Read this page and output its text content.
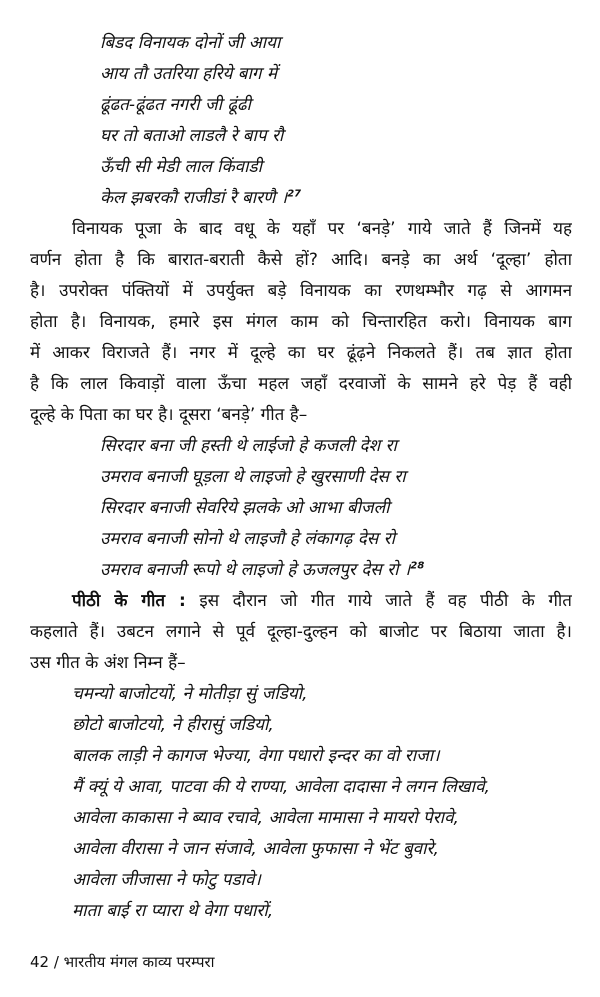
बिडद विनायक दोनों जी आया
आय तौ उतरिया हरिये बाग में
ढूंढत-ढूंढत नगरी जी ढूंढी
घर तो बताओ लाडलै रे बाप रौ
ऊँची सी मेडी लाल किंवाडी
केल झबरकौ राजीडां रै बारणै ।$^{27}$
विनायक पूजा के बाद वधू के यहाँ पर ‘बनड़े’ गाये जाते हैं जिनमें यह
वर्णन होता है कि बारात-बराती कैसे हों? आदि। बनड़े का अर्थ ‘दूल्हा’ होता
है। उपरोक्त पंक्तियों में उपर्युक्त बड़े विनायक का रणथम्भौर गढ़ से आगमन
होता है। विनायक, हमारे इस मंगल काम को चिन्तारहित करो। विनायक बाग
में आकर विराजते हैं। नगर में दूल्हे का घर ढूंढ़ने निकलते हैं। तब ज्ञात होता
है कि लाल किवाड़ों वाला ऊँचा महल जहाँ दरवाजों के सामने हरे पेड़ हैं वही
दूल्हे के पिता का घर है। दूसरा ‘बनड़े’ गीत है–
सिरदार बना जी हस्ती थे लाईजो हे कजली देश रा
उमराव बनाजी घूड़ला थे लाइजो हे खुरसाणी देस रा
सिरदार बनाजी सेवरिये झलके ओ आभा बीजली
उमराव बनाजी सोनो थे लाइजौ हे लंकागढ़ देस रो
उमराव बनाजी रूपो थे लाइजो हे ऊजलपुर देस रो ।$^{28}$
पीठी के गीत : इस दौरान जो गीत गाये जाते हैं वह पीठी के गीत
कहलाते हैं। उबटन लगाने से पूर्व दूल्हा-दुल्हन को बाजोट पर बिठाया जाता है।
उस गीत के अंश निम्न हैं–
चमन्यो बाजोटयों, ने मोतीड़ा सुं जडियो,
छोटो बाजोटयो, ने हीरासुं जडियो,
बालक लाड़ी ने कागज भेज्या, वेगा पधारो इन्दर का वो राजा।
मैं क्यूं ये आवा, पाटवा की ये राण्या, आवेला दादासा ने लगन लिखावे,
आवेला काकासा ने ब्याव रचावे, आवेला मामासा ने मायरो पेरावे,
आवेला वीरासा ने जान संजावे, आवेला फुफासा ने भेंट बुवारे,
आवेला जीजासा ने फोटु पडावे।
माता बाई रा प्यारा थे वेगा पधारों,
42 / भारतीय मंगल काव्य परम्परा
